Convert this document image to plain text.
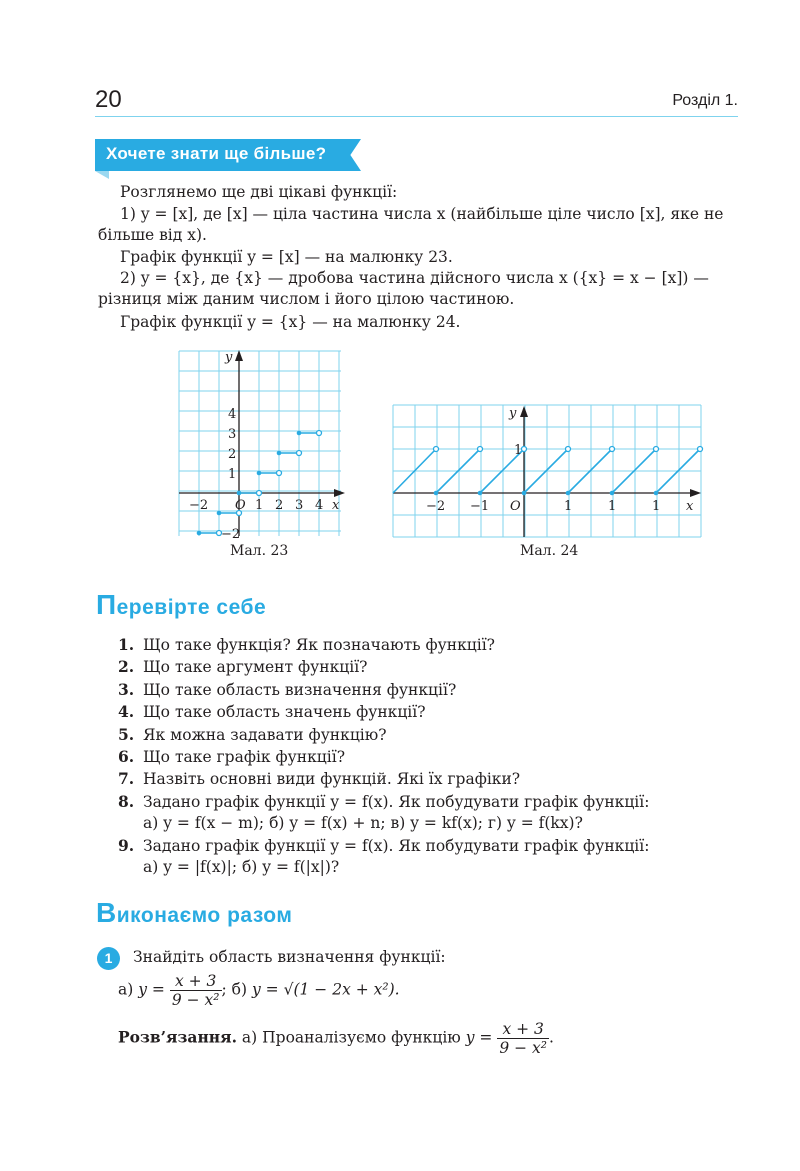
20	Розділ 1.
Хочете знати ще більше?
Розглянемо ще дві цікаві функції:
1) y = [x], де [x] — ціла частина числа x (найбільше ціле число [x], яке не більше від x).
Графік функції y = [x] — на малюнку 23.
2) y = {x}, де {x} — дробова частина дійсного числа x ({x} = x − [x]) — різниця між даним числом і його цілою частиною.
Графік функції y = {x} — на малюнку 24.
−2 O 1 2 3 4
1
2
3
4
−2
x
y
Мал. 23
−2 −1 O	1	1	1
1
x
y
Мал. 24
Перевірте себе
1. Що таке функція? Як позначають функції?
2. Що таке аргумент функції?
3. Що таке область визначення функції?
4. Що таке область значень функції?
5. Як можна задавати функцію?
6. Що таке графік функції?
7. Назвіть основні види функцій. Які їх графіки?
8. Задано графік функції y = f(x). Як побудувати графік функції:
а) y = f(x − m); б) y = f(x) + n; в) y = kf(x); г) y = f(kx)?
9. Задано графік функції y = f(x). Як побудувати графік функції:
а) y = |f(x)|; б) y = f(|x|)?
Виконаємо разом
1	Знайдіть область визначення функції:
а) $y = \frac{x + 3}{\text{9 − x²}}$ ; б) y = √(1 − 2x + x²).
Розв’язання. а) Проаналізуємо функцію $y = \frac{x + 3}{\text{9 − x²}}$ .
